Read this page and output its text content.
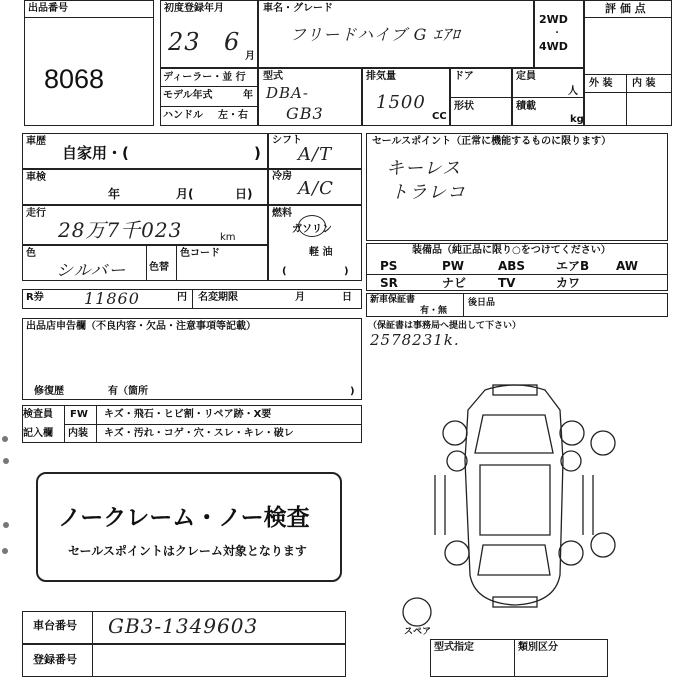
出品番号
8068
初度登録年月
23 6
月
車名・グレード
フリードハイブ G ｴｱﾛ
2WD
・
4WD
評 価 点
外 装 内 装
ディーラー・並 行
モデル年式	年
ハンドル 左・右
型式
DBA-
GB3
排気量
1500
CC
ドア
形状
定員
人
積載
kg
車歴
自家用・(	)
車検
年	月(	日)
走行
28万7千023	km
色
シルバー 色替
色コード
シフト
A/T
冷房
A/C
燃料
ガソリン
軽 油
(	)
セールスポイント（正常に機能するものに限ります）
キーレス
トラレコ
装備品（純正品に限り○をつけてください）
PS	PW	ABS	エアB AW
SR	ナビ	TV	カワ
R券	11860	円 名変期限	月	日 新車保証書
有・無
後日品
（保証書は事務局へ提出して下さい）
2578231k.
出品店申告欄（不良内容・欠品・注意事項等記載）
修復歴	有（箇所	)
検査員
記入欄
FW キズ・飛石・ヒビ割・リペア跡・X要
内装 キズ・汚れ・コゲ・穴・スレ・キレ・破レ
ノークレーム・ノー検査
セールスポイントはクレーム対象となります
車台番号 GB3-1349603
登録番号
型式指定	類別区分
スペア
